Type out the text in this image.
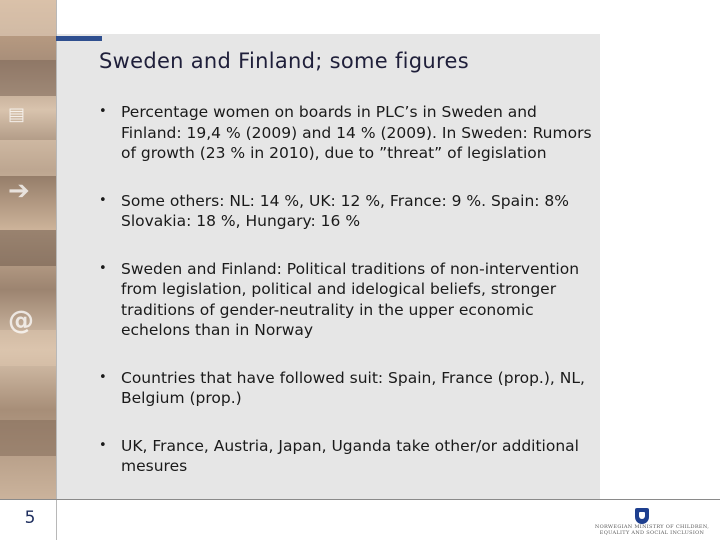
▤
➔
@
Sweden and Finland; some figures
• Percentage women on boards in PLC’s in Sweden and Finland: 19,4 % (2009) and 14 % (2009). In Sweden: Rumors of growth (23 % in 2010), due to ”threat” of legislation
• Some others: NL: 14 %, UK: 12 %, France: 9 %. Spain: 8% Slovakia: 18 %, Hungary: 16 %
• Sweden and Finland: Political traditions of non-intervention from legislation, political and idelogical beliefs, stronger traditions of gender-neutrality in the upper economic echelons than in Norway
• Countries that have followed suit: Spain, France (prop.), NL, Belgium (prop.)
• UK, France, Austria, Japan, Uganda take other/or additional mesures
5	NORWEGIAN MINISTRY OF CHILDREN, EQUALITY AND SOCIAL INCLUSION
